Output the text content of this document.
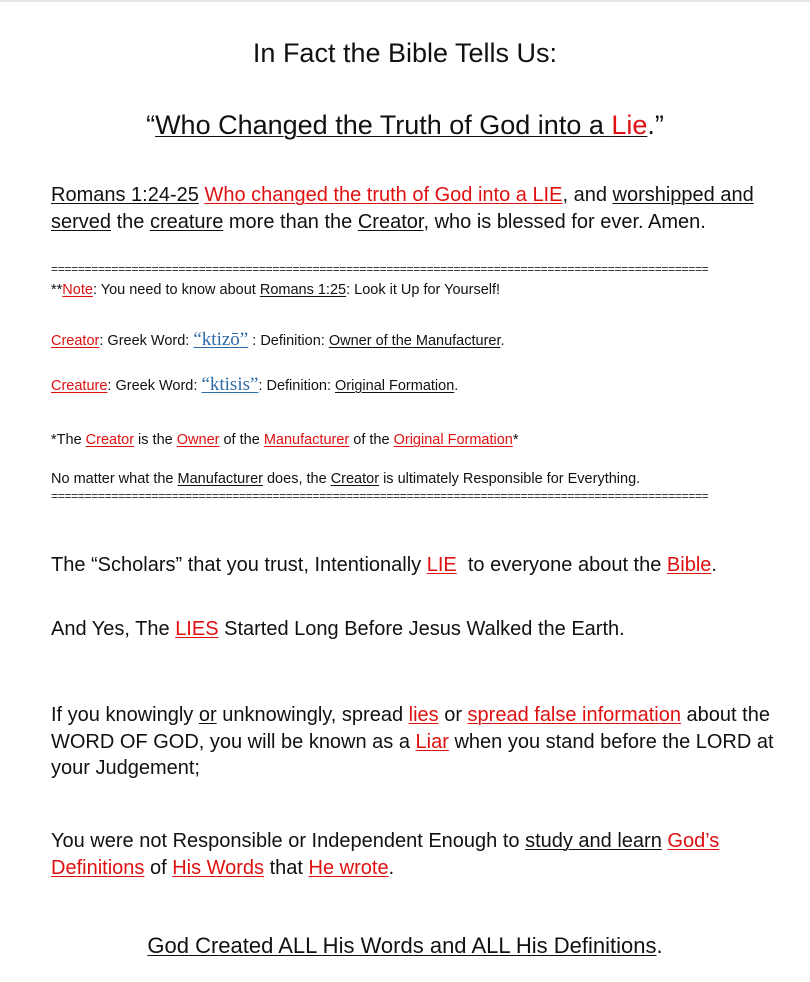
In Fact the Bible Tells Us:

“Who Changed the Truth of God into a Lie.”

Romans 1:24-25 Who changed the truth of God into a LIE, and worshipped and served the creature more than the Creator, who is blessed for ever. Amen.

==================================================================================================

**Note: You need to know about Romans 1:25: Look it Up for Yourself!

Creator: Greek Word: “ktizō” : Definition: Owner of the Manufacturer.

Creature: Greek Word: “ktisis”: Definition: Original Formation.

*The Creator is the Owner of the Manufacturer of the Original Formation*

No matter what the Manufacturer does, the Creator is ultimately Responsible for Everything.

==================================================================================================

The “Scholars” that you trust, Intentionally LIE  to everyone about the Bible.

And Yes, The LIES Started Long Before Jesus Walked the Earth.

If you knowingly or unknowingly, spread lies or spread false information about the WORD OF GOD, you will be known as a Liar when you stand before the LORD at your Judgement;

You were not Responsible or Independent Enough to study and learn God’s Definitions of His Words that He wrote.

God Created ALL His Words and ALL His Definitions.
